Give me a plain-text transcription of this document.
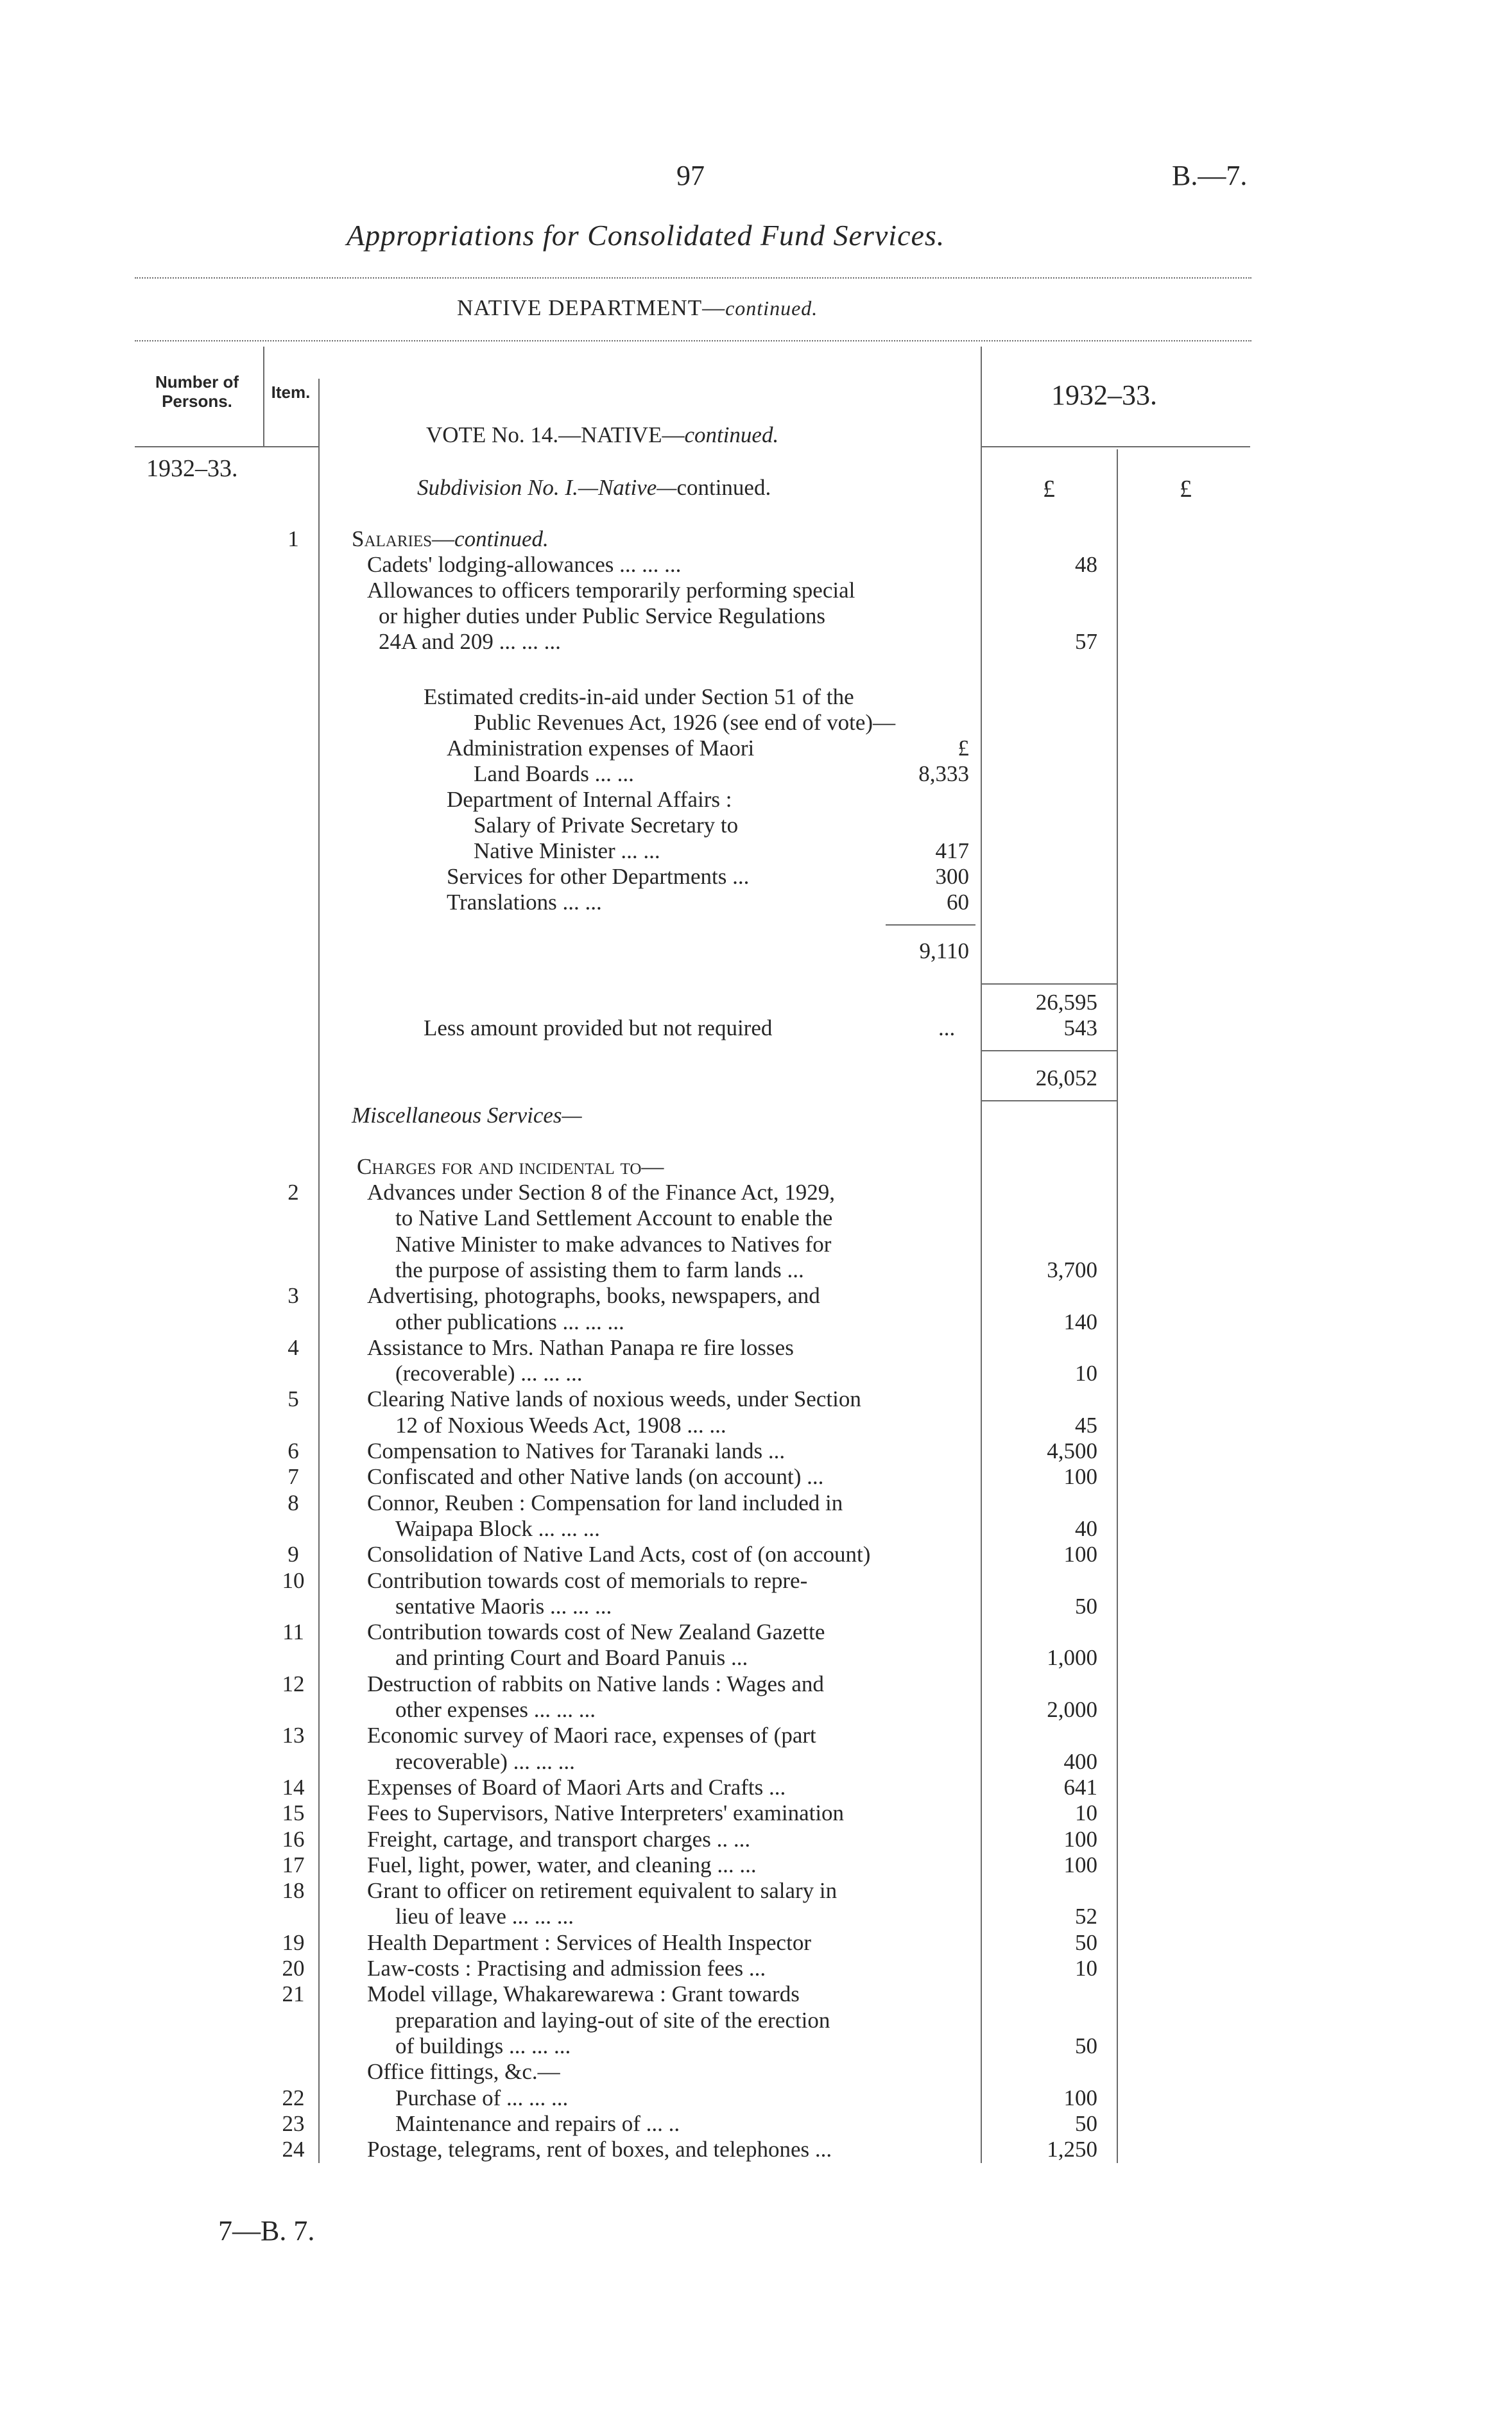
97	B.—7.
Appropriations for Consolidated Fund Services.
NATIVE DEPARTMENT—continued.
Number of Persons.	Item.
1932–33.
1932–33.
£	£
VOTE No. 14.—NATIVE—continued.
Subdivision No. I.—Native—continued.
1	Salaries—continued.
Cadets' lodging-allowances ... ... ...	48
Allowances to officers temporarily performing special
or higher duties under Public Service Regulations
24A and 209 ... ... ...	57
Estimated credits-in-aid under Section 51 of the
Public Revenues Act, 1926 (see end of vote)—
Administration expenses of Maori	£
Land Boards ... ...	8,333
Department of Internal Affairs :
Salary of Private Secretary to
Native Minister ... ...	417
Services for other Departments ...	300
Translations ... ...	60
9,110
26,595
Less amount provided but not required	...	543
26,052
Miscellaneous Services—
Charges for and incidental to—
2	Advances under Section 8 of the Finance Act, 1929,
to Native Land Settlement Account to enable the
Native Minister to make advances to Natives for
the purpose of assisting them to farm lands ...	3,700
3	Advertising, photographs, books, newspapers, and
other publications ... ... ...	140
4	Assistance to Mrs. Nathan Panapa re fire losses
(recoverable) ... ... ...	10
5	Clearing Native lands of noxious weeds, under Section
12 of Noxious Weeds Act, 1908 ... ...	45
6	Compensation to Natives for Taranaki lands ...	4,500
7	Confiscated and other Native lands (on account) ...	100
8	Connor, Reuben : Compensation for land included in
Waipapa Block ... ... ...	40
9	Consolidation of Native Land Acts, cost of (on account)	100
10	Contribution towards cost of memorials to repre-
sentative Maoris ... ... ...	50
11	Contribution towards cost of New Zealand Gazette
and printing Court and Board Panuis ...	1,000
12	Destruction of rabbits on Native lands : Wages and
other expenses ... ... ...	2,000
13	Economic survey of Maori race, expenses of (part
recoverable) ... ... ...	400
14	Expenses of Board of Maori Arts and Crafts ...	641
15	Fees to Supervisors, Native Interpreters' examination	10
16	Freight, cartage, and transport charges .. ...	100
17	Fuel, light, power, water, and cleaning ... ...	100
18	Grant to officer on retirement equivalent to salary in
lieu of leave ... ... ...	52
19	Health Department : Services of Health Inspector	50
20	Law-costs : Practising and admission fees ...	10
21	Model village, Whakarewarewa : Grant towards
preparation and laying-out of site of the erection
of buildings ... ... ...	50
Office fittings, &c.—
22	Purchase of ... ... ...	100
23	Maintenance and repairs of ... ..	50
24	Postage, telegrams, rent of boxes, and telephones ...	1,250
7—B. 7.
